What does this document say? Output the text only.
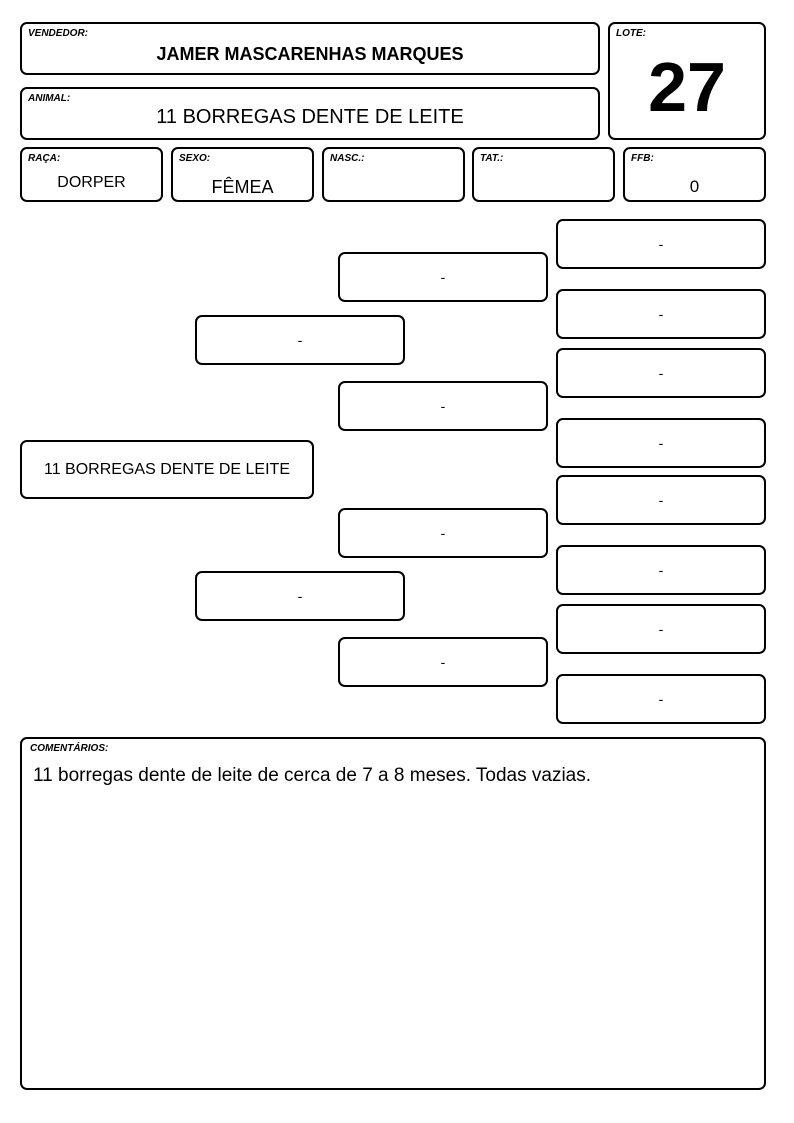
VENDEDOR:
JAMER MASCARENHAS MARQUES
LOTE:
27
ANIMAL:
11 BORREGAS DENTE DE LEITE
RAÇA:
DORPER
SEXO:
FÊMEA
NASC.:	TAT.:	FFB:
0
11 BORREGAS DENTE DE LEITE
-
-
-
-
-
-
-
-
-
-
-
-
-
-
COMENTÁRIOS:
11 borregas dente de leite de cerca de 7 a 8 meses. Todas vazias.
